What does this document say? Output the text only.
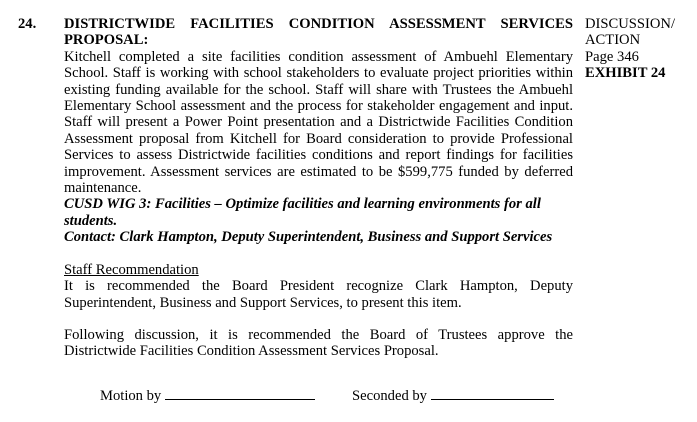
24. DISTRICTWIDE FACILITIES CONDITION ASSESSMENT SERVICES
PROPOSAL:

Kitchell completed a site facilities condition assessment of Ambuehl Elementary School. Staff is working with school stakeholders to evaluate project priorities within existing funding available for the school. Staff will share with Trustees the Ambuehl Elementary School assessment and the process for stakeholder engagement and input. Staff will present a Power Point presentation and a Districtwide Facilities Condition Assessment proposal from Kitchell for Board consideration to provide Professional Services to assess Districtwide facilities conditions and report findings for facilities improvement. Assessment services are estimated to be $599,775 funded by deferred maintenance.

CUSD WIG 3: Facilities – Optimize facilities and learning environments for all students.

Contact: Clark Hampton, Deputy Superintendent, Business and Support Services

Staff Recommendation

It is recommended the Board President recognize Clark Hampton, Deputy Superintendent, Business and Support Services, to present this item.

Following discussion, it is recommended the Board of Trustees approve the Districtwide Facilities Condition Assessment Services Proposal.

DISCUSSION/
ACTION
Page 346
EXHIBIT 24
Motion by	Seconded by
